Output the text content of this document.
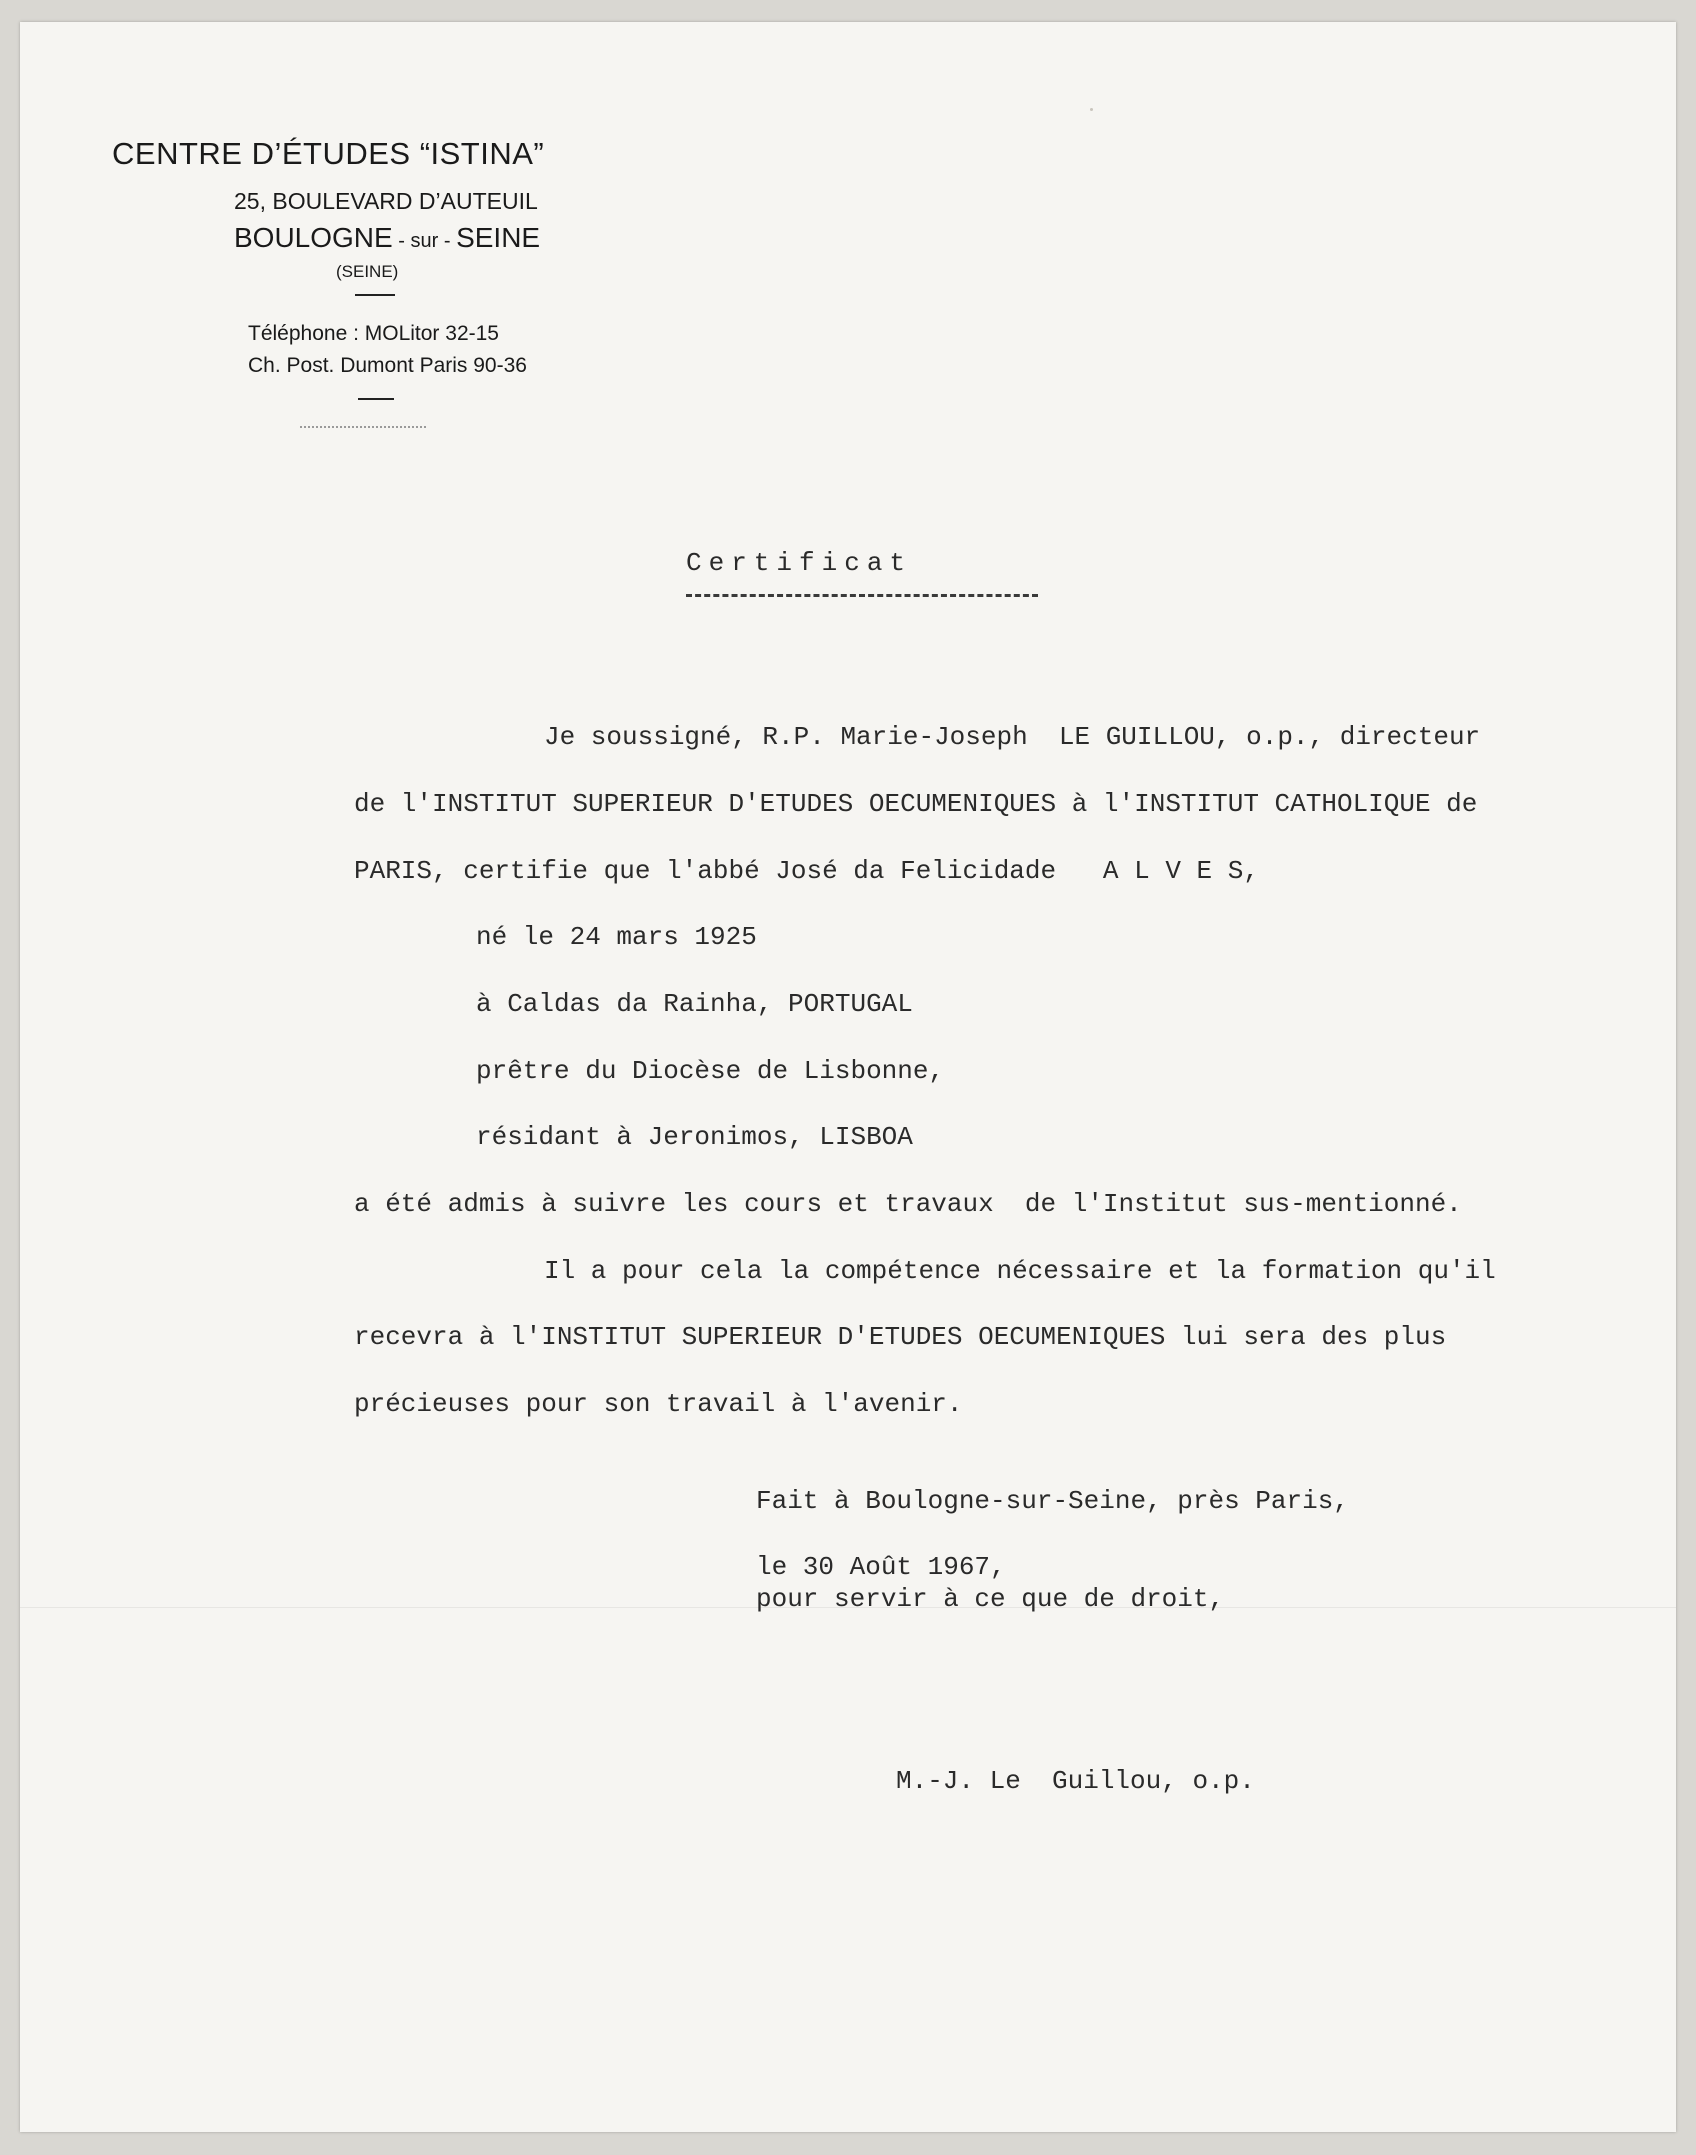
CENTRE D’ÉTUDES “ISTINA”
25, BOULEVARD D’AUTEUIL
BOULOGNE - sur - SEINE
(SEINE)
Téléphone : MOLitor 32-15
Ch. Post. Dumont Paris 90-36
Certificat
Je soussigné, R.P. Marie-Joseph  LE GUILLOU, o.p., directeur
de l'INSTITUT SUPERIEUR D'ETUDES OECUMENIQUES à l'INSTITUT CATHOLIQUE de
PARIS, certifie que l'abbé José da Felicidade   A L V E S,
né le 24 mars 1925
à Caldas da Rainha, PORTUGAL
prêtre du Diocèse de Lisbonne,
résidant à Jeronimos, LISBOA
a été admis à suivre les cours et travaux  de l'Institut sus-mentionné.
Il a pour cela la compétence nécessaire et la formation qu'il
recevra à l'INSTITUT SUPERIEUR D'ETUDES OECUMENIQUES lui sera des plus
précieuses pour son travail à l'avenir.
Fait à Boulogne-sur-Seine, près Paris,
le 30 Août 1967,
pour servir à ce que de droit,
M.-J. Le  Guillou, o.p.
